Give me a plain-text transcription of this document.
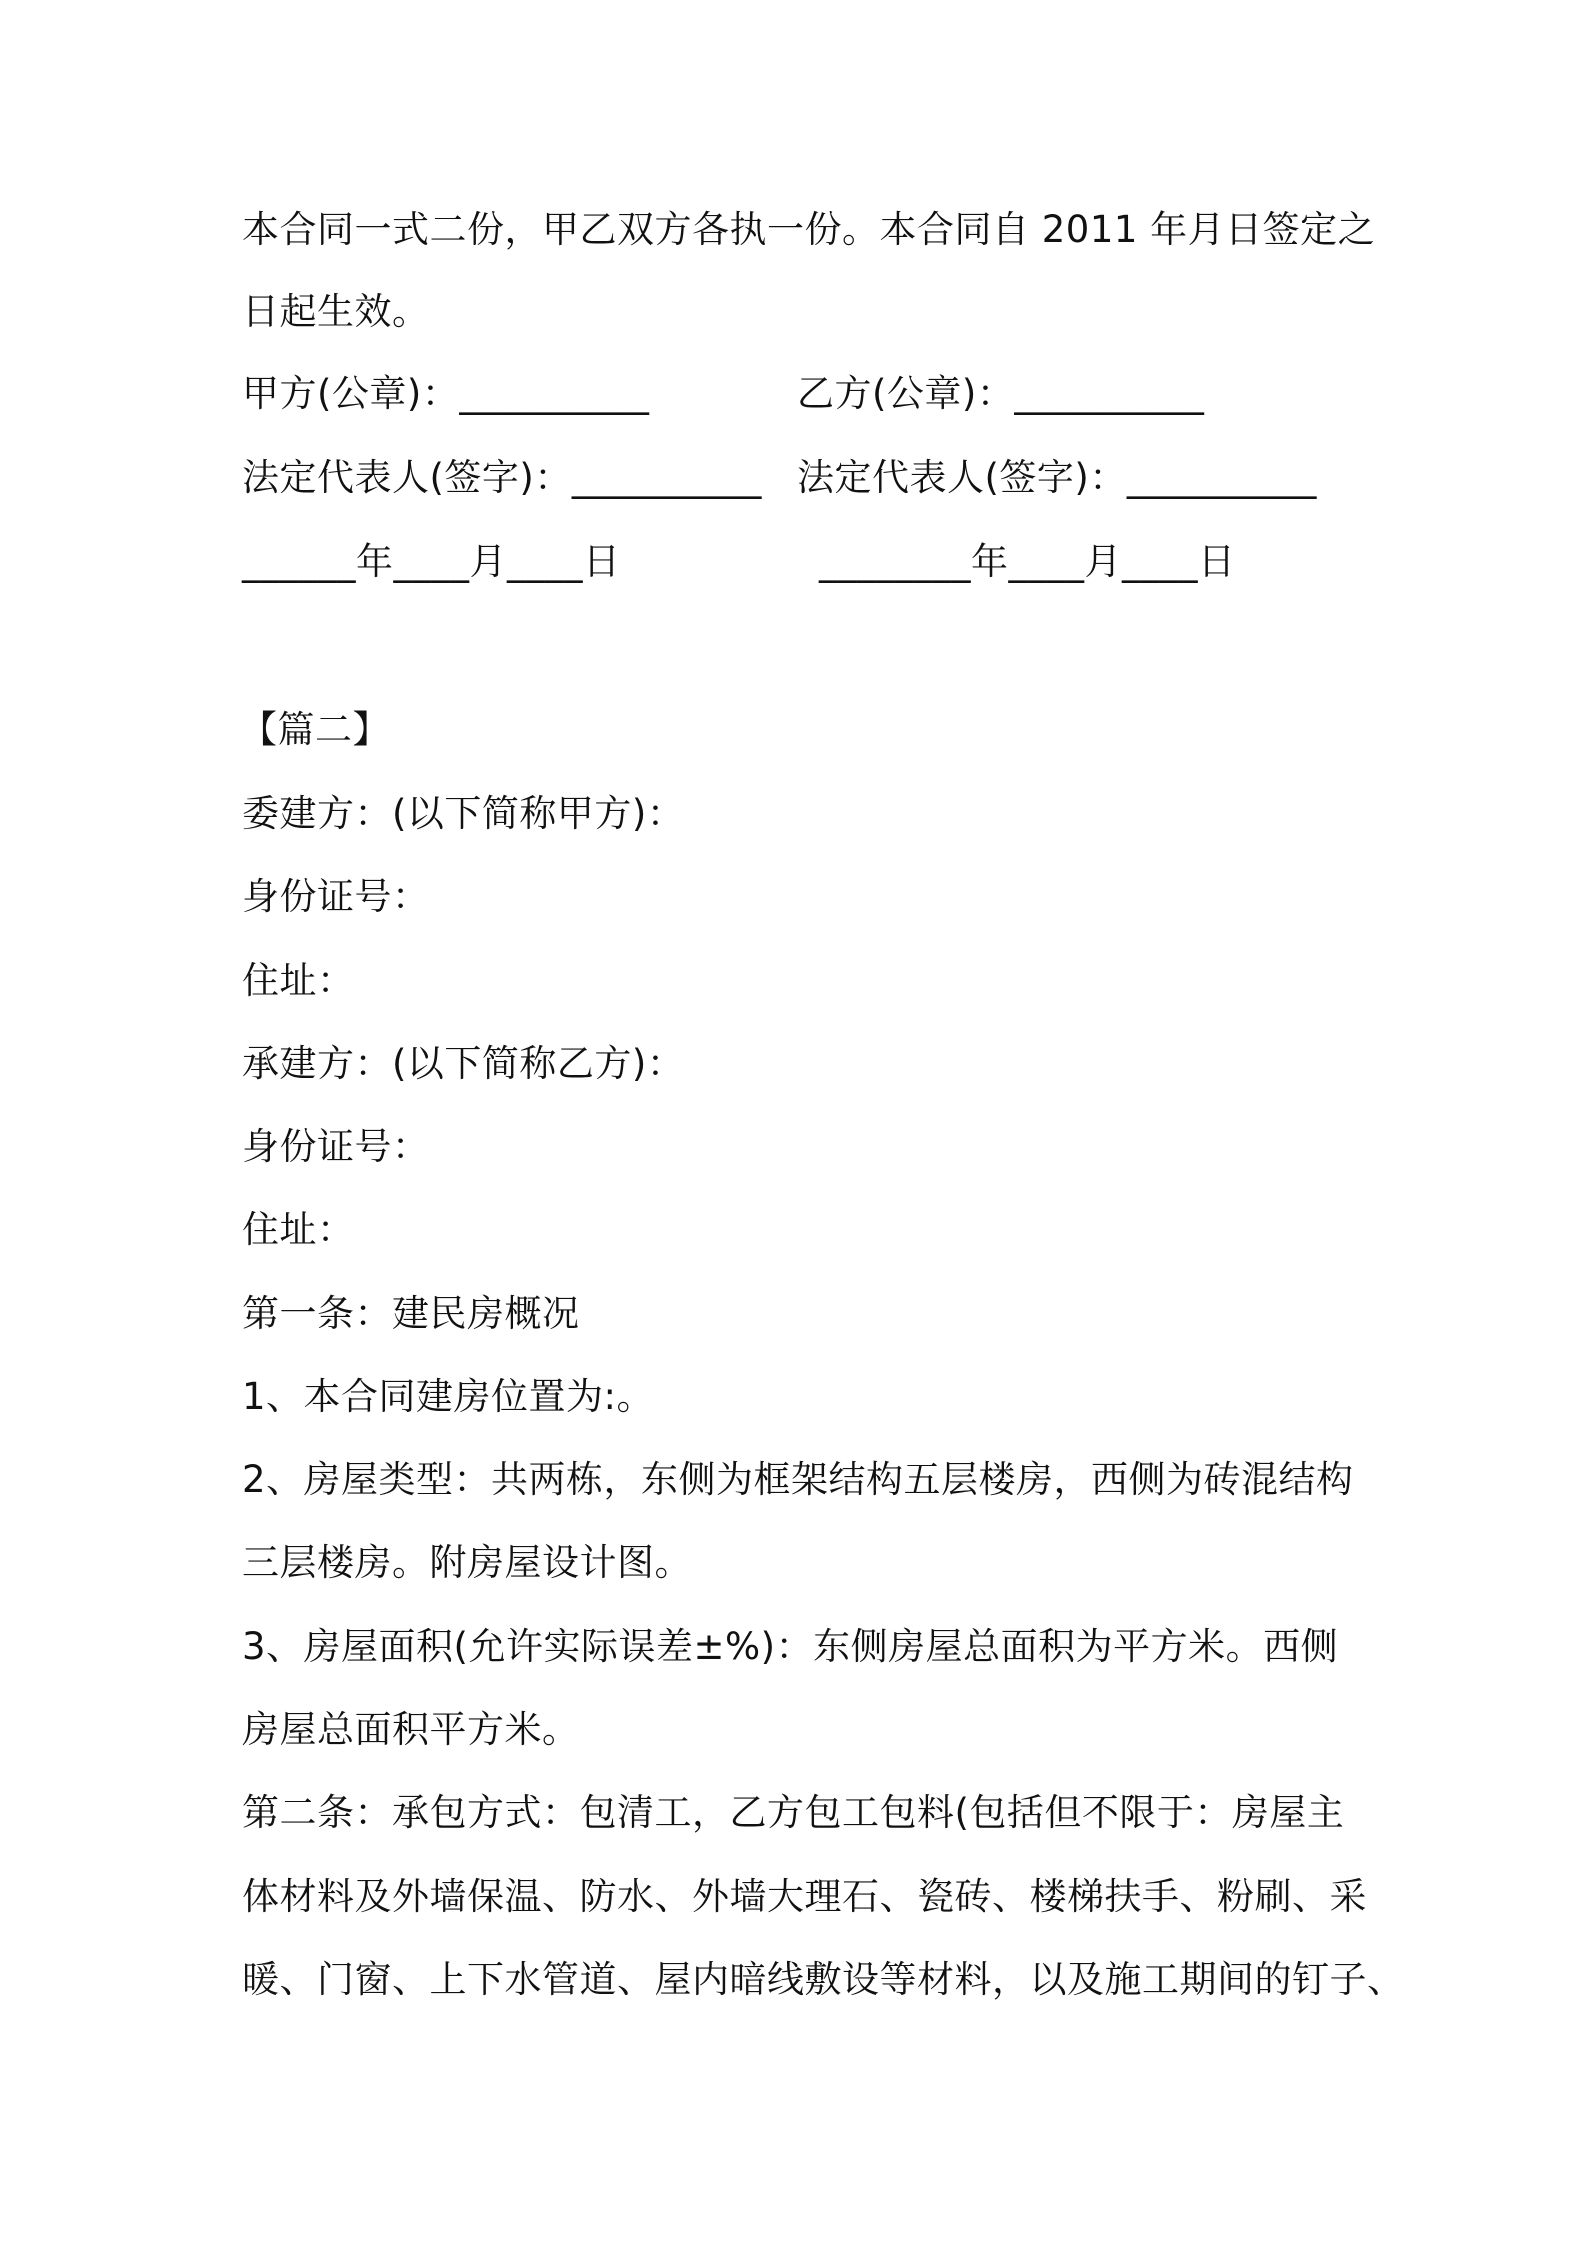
本合同一式二份，甲乙双方各执一份。本合同自 2011 年月日签定之
日起生效。
甲方(公章)：__________	乙方(公章)：__________
法定代表人(签字)：__________ 法定代表人(签字)：__________
______年____月____日	________年____月____日
【篇二】
委建方：(以下简称甲方)：
身份证号：
住址：
承建方：(以下简称乙方)：
身份证号：
住址：
第一条：建民房概况
1、本合同建房位置为:。
2、房屋类型：共两栋，东侧为框架结构五层楼房，西侧为砖混结构
三层楼房。附房屋设计图。
3、房屋面积(允许实际误差±%)：东侧房屋总面积为平方米。西侧
房屋总面积平方米。
第二条：承包方式：包清工，乙方包工包料(包括但不限于：房屋主
体材料及外墙保温、防水、外墙大理石、瓷砖、楼梯扶手、粉刷、采
暖、门窗、上下水管道、屋内暗线敷设等材料，以及施工期间的钉子、
